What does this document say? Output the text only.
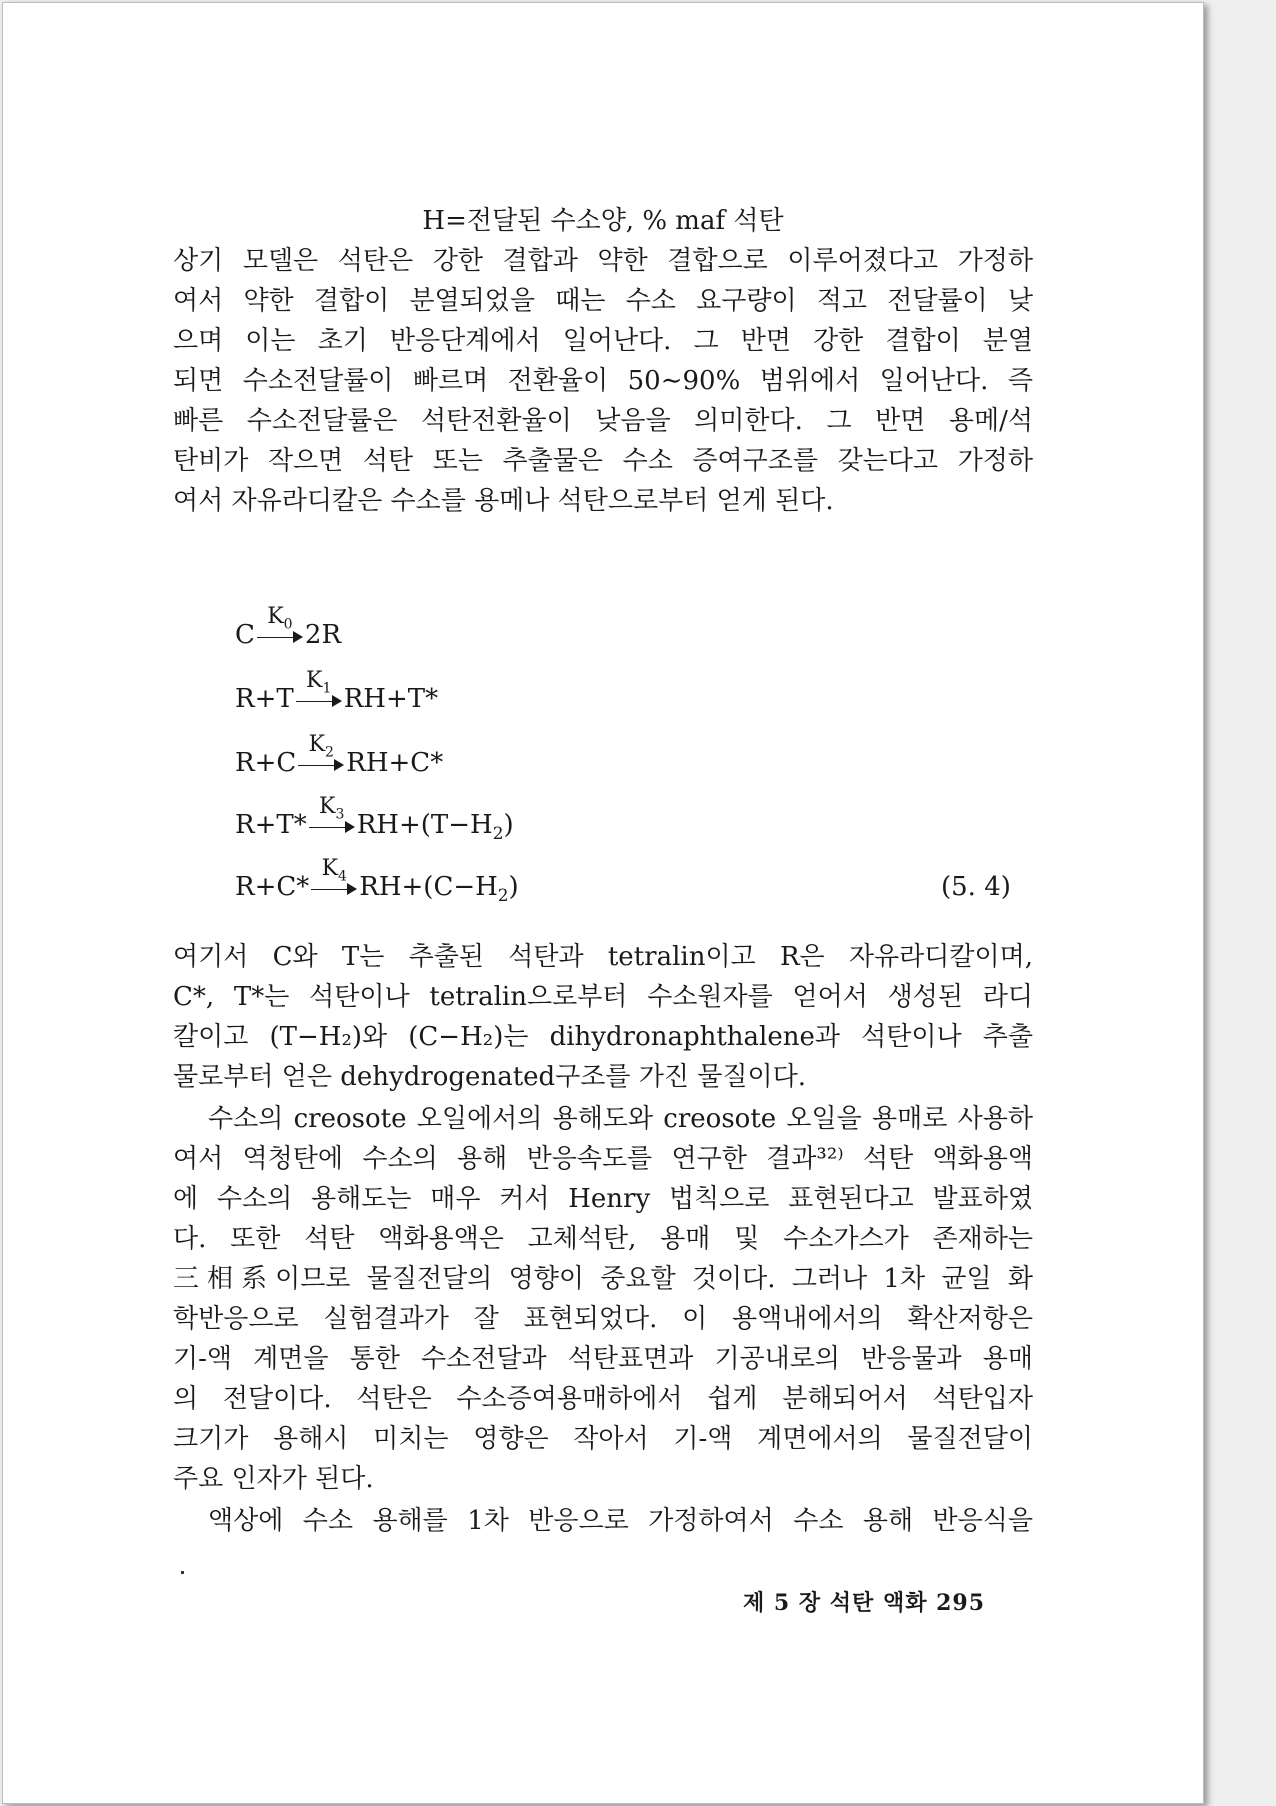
H=전달된 수소양, % maf 석탄
상기 모델은 석탄은 강한 결합과 약한 결합으로 이루어졌다고 가정하
여서 약한 결합이 분열되었을 때는 수소 요구량이 적고 전달률이 낮
으며 이는 초기 반응단계에서 일어난다. 그 반면 강한 결합이 분열
되면 수소전달률이 빠르며 전환율이 50∼90% 범위에서 일어난다. 즉
빠른 수소전달률은 석탄전환율이 낮음을 의미한다. 그 반면 용메/석
탄비가 작으면 석탄 또는 추출물은 수소 증여구조를 갖는다고 가정하
여서 자유라디칼은 수소를 용메나 석탄으로부터 얻게 된다.
C
$K_0$ 2R
R+T
$K_1$ RH+T*
R+C
$K_2$ RH+C*
R+T*
$K_3$ $RH+(T-H_2)$
R+C*
$K_4$ $RH+(C-H_2)$	(5. 4)
여기서 C와 T는 추출된 석탄과 tetralin이고 R은 자유라디칼이며,
C*, T*는 석탄이나 tetralin으로부터 수소원자를 얻어서 생성된 라디
칼이고 (T−H₂)와 (C−H₂)는 dihydronaphthalene과 석탄이나 추출
물로부터 얻은 dehydrogenated구조를 가진 물질이다.
수소의 creosote 오일에서의 용해도와 creosote 오일을 용매로 사용하
여서 역청탄에 수소의 용해 반응속도를 연구한 결과³²⁾ 석탄 액화용액
에 수소의 용해도는 매우 커서 Henry 법칙으로 표현된다고 발표하였
다. 또한 석탄 액화용액은 고체석탄, 용매 및 수소가스가 존재하는
三相系이므로 물질전달의 영향이 중요할 것이다. 그러나 1차 균일 화
학반응으로 실험결과가 잘 표현되었다. 이 용액내에서의 확산저항은
기-액 계면을 통한 수소전달과 석탄표면과 기공내로의 반응물과 용매
의 전달이다. 석탄은 수소증여용매하에서 쉽게 분해되어서 석탄입자
크기가 용해시 미치는 영향은 작아서 기-액 계면에서의 물질전달이
주요 인자가 된다.
액상에 수소 용해를 1차 반응으로 가정하여서 수소 용해 반응식을
제 5 장 석탄 액화 295
